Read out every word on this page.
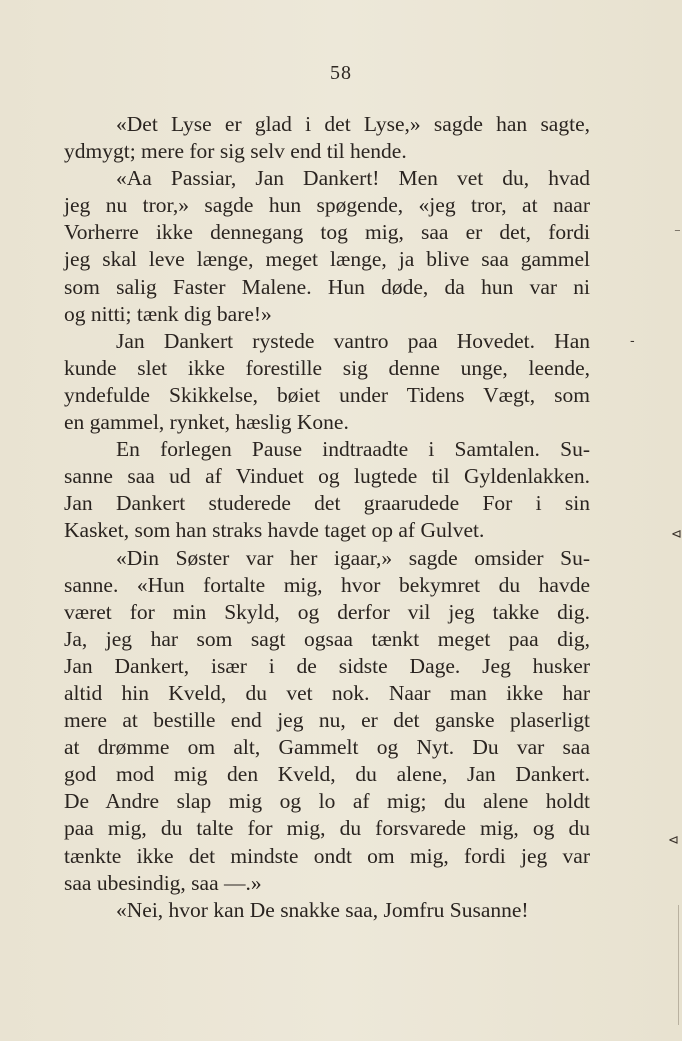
58
«Det Lyse er glad i det Lyse,» sagde han sagte,
ydmygt; mere for sig selv end til hende.
«Aa Passiar, Jan Dankert! Men vet du, hvad
jeg nu tror,» sagde hun spøgende, «jeg tror, at naar
Vorherre ikke dennegang tog mig, saa er det, fordi
jeg skal leve længe, meget længe, ja blive saa gammel
som salig Faster Malene. Hun døde, da hun var ni
og nitti; tænk dig bare!»
Jan Dankert rystede vantro paa Hovedet. Han
kunde slet ikke forestille sig denne unge, leende,
yndefulde Skikkelse, bøiet under Tidens Vægt, som
en gammel, rynket, hæslig Kone.
En forlegen Pause indtraadte i Samtalen. Su-
sanne saa ud af Vinduet og lugtede til Gyldenlakken.
Jan Dankert studerede det graarudede For i sin
Kasket, som han straks havde taget op af Gulvet.
«Din Søster var her igaar,» sagde omsider Su-
sanne. «Hun fortalte mig, hvor bekymret du havde
været for min Skyld, og derfor vil jeg takke dig.
Ja, jeg har som sagt ogsaa tænkt meget paa dig,
Jan Dankert, især i de sidste Dage. Jeg husker
altid hin Kveld, du vet nok. Naar man ikke har
mere at bestille end jeg nu, er det ganske plaserligt
at drømme om alt, Gammelt og Nyt. Du var saa
god mod mig den Kveld, du alene, Jan Dankert.
De Andre slap mig og lo af mig; du alene holdt
paa mig, du talte for mig, du forsvarede mig, og du
tænkte ikke det mindste ondt om mig, fordi jeg var
saa ubesindig, saa —.»
«Nei, hvor kan De snakke saa, Jomfru Susanne!
⁻
-
⊲
⊲
